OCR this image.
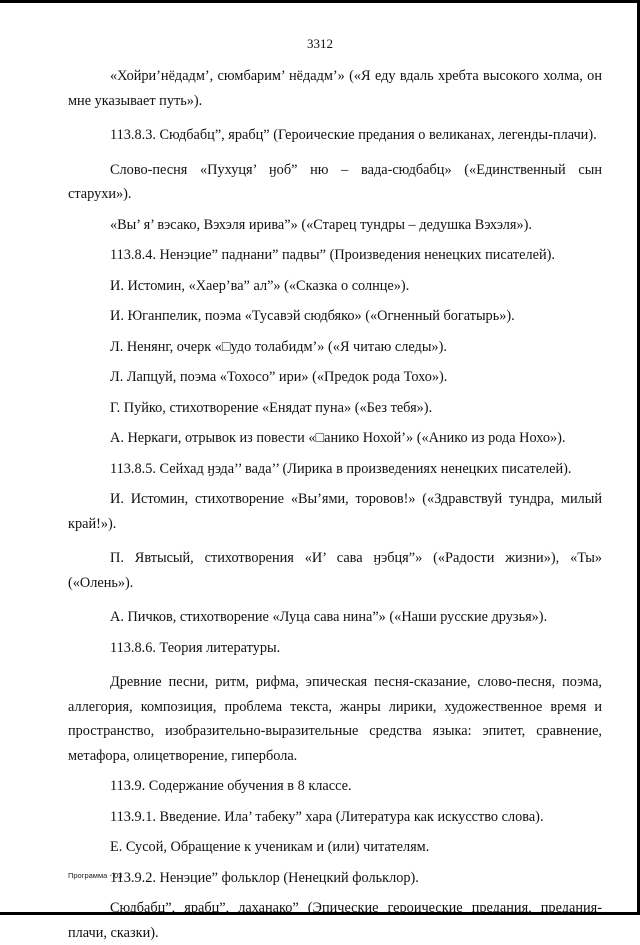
3312

«Хойри’нёдадм’, сюмбарим’ нёдадм’» («Я еду вдаль хребта высокого холма, он мне указывает путь»).

113.8.3. Сюдбабц”, ярабц” (Героические предания о великанах, легенды-плачи).

Слово-песня «Пухуця’ ӈоб” ню – вада-сюдбабц» («Единственный сын старухи»).

«Вы’ я’ вэсако, Вэхэля ирива”» («Старец тундры – дедушка Вэхэля»).

113.8.4. Ненэцие” паднани” падвы” (Произведения ненецких писателей).

И. Истомин, «Хаер’ва” ал”» («Сказка о солнце»).

И. Юганпелик, поэма «Тусавэй сюдбяко» («Огненный богатырь»).

Л. Ненянг, очерк «□удо толабидм’» («Я читаю следы»).

Л. Лапцуй, поэма «Тохосо” ири» («Предок рода Тохо»).

Г. Пуйко, стихотворение «Енядат пуна» («Без тебя»).

А. Неркаги, отрывок из повести «□анико Нохой’» («Анико из рода Нохо»).

113.8.5. Сейхад ӈэда’’ вада’’ (Лирика в произведениях ненецких писателей).

И. Истомин, стихотворение «Вы’ями, торовов!» («Здравствуй тундра, милый край!»).

П. Явтысый, стихотворения «И’ сава ӈэбця”» («Радости жизни»), «Ты» («Олень»).

А. Пичков, стихотворение «Луца сава нина”» («Наши русские друзья»).

113.8.6. Теория литературы.

Древние песни, ритм, рифма, эпическая песня-сказание, слово-песня, поэма, аллегория, композиция, проблема текста, жанры лирики, художественное время и пространство, изобразительно-выразительные средства языка: эпитет, сравнение, метафора, олицетворение, гипербола.

113.9. Содержание обучения в 8 классе.

113.9.1. Введение. Ила’ табеку” хара (Литература как искусство слова).

Е. Сусой, Обращение к ученикам и (или) читателям.

113.9.2. Ненэцие” фольклор (Ненецкий фольклор).

Сюдбабц”, ярабц”, лаханако” (Эпические героические предания, предания-плачи, сказки).

Программа - 03
